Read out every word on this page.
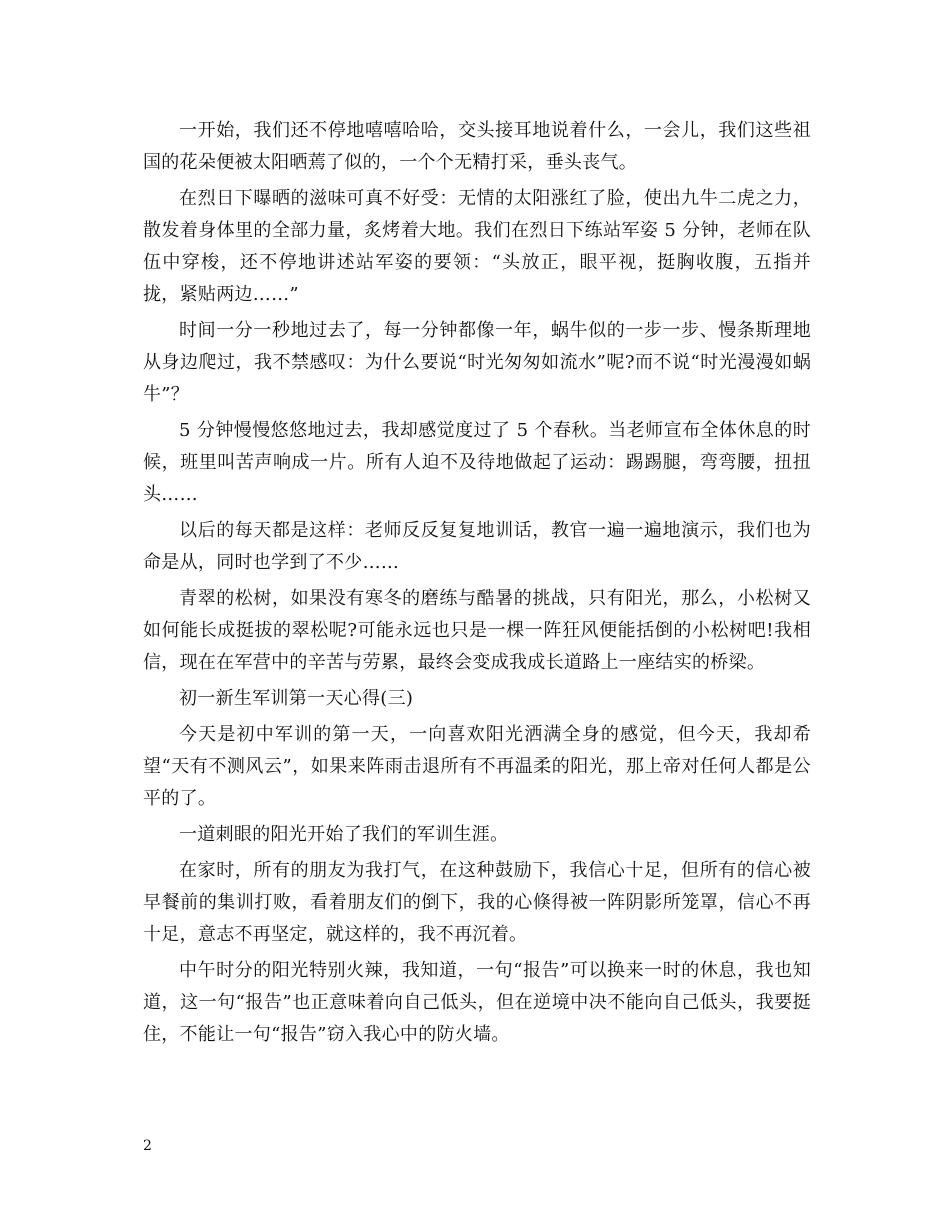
一开始，我们还不停地嘻嘻哈哈，交头接耳地说着什么，一会儿，我们这些祖国的花朵便被太阳晒蔫了似的，一个个无精打采，垂头丧气。

在烈日下曝晒的滋味可真不好受：无情的太阳涨红了脸，使出九牛二虎之力，散发着身体里的全部力量，炙烤着大地。我们在烈日下练站军姿 5 分钟，老师在队伍中穿梭，还不停地讲述站军姿的要领：“头放正，眼平视，挺胸收腹，五指并拢，紧贴两边……”

时间一分一秒地过去了，每一分钟都像一年，蜗牛似的一步一步、慢条斯理地从身边爬过，我不禁感叹：为什么要说“时光匆匆如流水”呢?而不说“时光漫漫如蜗牛”？

5 分钟慢慢悠悠地过去，我却感觉度过了 5 个春秋。当老师宣布全体休息的时候，班里叫苦声响成一片。所有人迫不及待地做起了运动：踢踢腿，弯弯腰，扭扭头……

以后的每天都是这样：老师反反复复地训话，教官一遍一遍地演示，我们也为命是从，同时也学到了不少……

青翠的松树，如果没有寒冬的磨练与酷暑的挑战，只有阳光，那么，小松树又如何能长成挺拔的翠松呢?可能永远也只是一棵一阵狂风便能括倒的小松树吧!我相信，现在在军营中的辛苦与劳累，最终会变成我成长道路上一座结实的桥梁。

初一新生军训第一天心得(三)

今天是初中军训的第一天，一向喜欢阳光洒满全身的感觉，但今天，我却希望“天有不测风云”，如果来阵雨击退所有不再温柔的阳光，那上帝对任何人都是公平的了。

一道刺眼的阳光开始了我们的军训生涯。

在家时，所有的朋友为我打气，在这种鼓励下，我信心十足，但所有的信心被早餐前的集训打败，看着朋友们的倒下，我的心倏得被一阵阴影所笼罩，信心不再十足，意志不再坚定，就这样的，我不再沉着。

中午时分的阳光特别火辣，我知道，一句“报告”可以换来一时的休息，我也知道，这一句“报告”也正意味着向自己低头，但在逆境中决不能向自己低头，我要挺住，不能让一句“报告”窃入我心中的防火墙。

2
